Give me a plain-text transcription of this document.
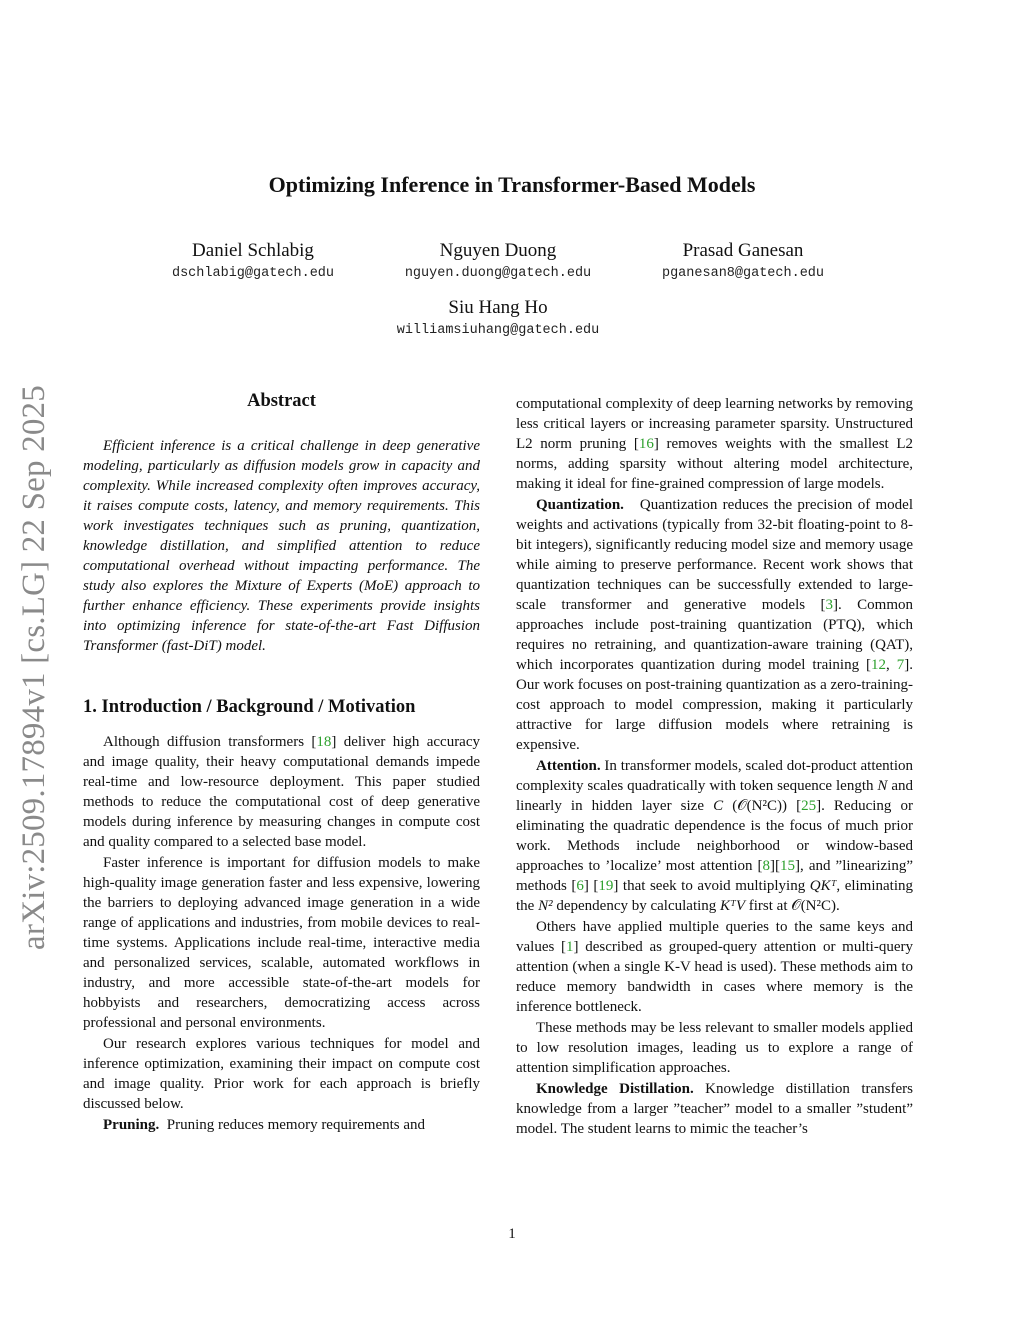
arXiv:2509.17894v1 [cs.LG] 22 Sep 2025
Optimizing Inference in Transformer-Based Models
Daniel Schlabig
dschlabig@gatech.edu
Nguyen Duong
nguyen.duong@gatech.edu
Prasad Ganesan
pganesan8@gatech.edu
Siu Hang Ho
williamsiuhang@gatech.edu
Abstract

Efficient inference is a critical challenge in deep generative modeling, particularly as diffusion models grow in capacity and complexity. While increased complexity often improves accuracy, it raises compute costs, latency, and memory requirements. This work investigates techniques such as pruning, quantization, knowledge distillation, and simplified attention to reduce computational overhead without impacting performance. The study also explores the Mixture of Experts (MoE) approach to further enhance efficiency. These experiments provide insights into optimizing inference for state-of-the-art Fast Diffusion Transformer (fast-DiT) model.

1. Introduction / Background / Motivation

Although diffusion transformers [18] deliver high accuracy and image quality, their heavy computational demands impede real-time and low-resource deployment. This paper studied methods to reduce the computational cost of deep generative models during inference by measuring changes in compute cost and quality compared to a selected base model.

Faster inference is important for diffusion models to make high-quality image generation faster and less expensive, lowering the barriers to deploying advanced image generation in a wide range of applications and industries, from mobile devices to real-time systems. Applications include real-time, interactive media and personalized services, scalable, automated workflows in industry, and more accessible state-of-the-art models for hobbyists and researchers, democratizing access across professional and personal environments.

Our research explores various techniques for model and inference optimization, examining their impact on compute cost and image quality. Prior work for each approach is briefly discussed below.

Pruning. Pruning reduces memory requirements and

computational complexity of deep learning networks by removing less critical layers or increasing parameter sparsity. Unstructured L2 norm pruning [16] removes weights with the smallest L2 norms, adding sparsity without altering model architecture, making it ideal for fine-grained compression of large models.

Quantization. Quantization reduces the precision of model weights and activations (typically from 32-bit floating-point to 8-bit integers), significantly reducing model size and memory usage while aiming to preserve performance. Recent work shows that quantization techniques can be successfully extended to large-scale transformer and generative models [3]. Common approaches include post-training quantization (PTQ), which requires no retraining, and quantization-aware training (QAT), which incorporates quantization during model training [12, 7]. Our work focuses on post-training quantization as a zero-training-cost approach to model compression, making it particularly attractive for large diffusion models where retraining is expensive.

Attention. In transformer models, scaled dot-product attention complexity scales quadratically with token sequence length N and linearly in hidden layer size C (𝒪(N²C)) [25]. Reducing or eliminating the quadratic dependence is the focus of much prior work. Methods include neighborhood or window-based approaches to ’localize’ most attention [8][15], and ”linearizing” methods [6] [19] that seek to avoid multiplying QKᵀ, eliminating the N² dependency by calculating KᵀV first at 𝒪(N²C).

Others have applied multiple queries to the same keys and values [1] described as grouped-query attention or multi-query attention (when a single K-V head is used). These methods aim to reduce memory bandwidth in cases where memory is the inference bottleneck.

These methods may be less relevant to smaller models applied to low resolution images, leading us to explore a range of attention simplification approaches.

Knowledge Distillation. Knowledge distillation transfers knowledge from a larger ”teacher” model to a smaller ”student” model. The student learns to mimic the teacher’s

1
